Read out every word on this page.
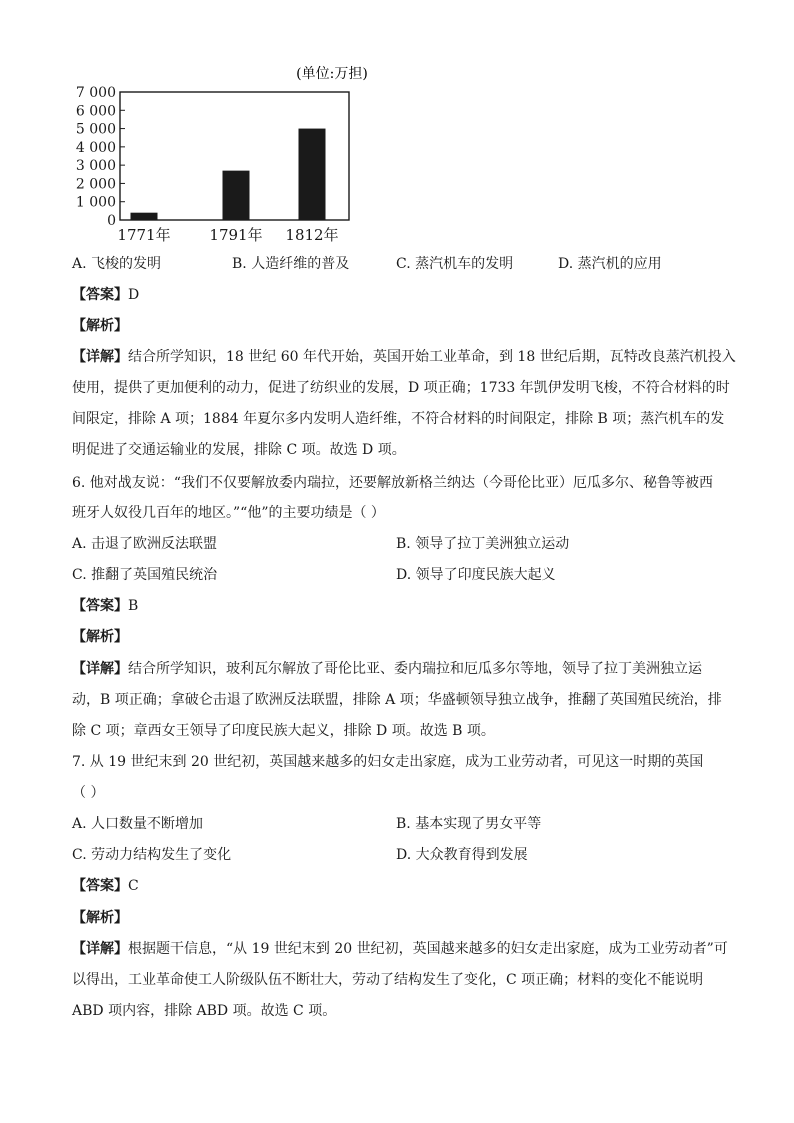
(单位:万担)
0
1 000
2 000
3 000
4 000
5 000
6 000
7 000
1771年	1791年 1812年
A. 飞梭的发明	B. 人造纤维的普及	C. 蒸汽机车的发明	D. 蒸汽机的应用
【答案】D
【解析】
【详解】结合所学知识，18 世纪 60 年代开始，英国开始工业革命，到 18 世纪后期，瓦特改良蒸汽机投入
使用，提供了更加便利的动力，促进了纺织业的发展，D 项正确；1733 年凯伊发明飞梭，不符合材料的时
间限定，排除 A 项；1884 年夏尔多内发明人造纤维，不符合材料的时间限定，排除 B 项；蒸汽机车的发
明促进了交通运输业的发展，排除 C 项。故选 D 项。
6. 他对战友说：“我们不仅要解放委内瑞拉，还要解放新格兰纳达（今哥伦比亚）厄瓜多尔、秘鲁等被西
班牙人奴役几百年的地区。”“他”的主要功绩是（ ）
A. 击退了欧洲反法联盟	B. 领导了拉丁美洲独立运动
C. 推翻了英国殖民统治	D. 领导了印度民族大起义
【答案】B
【解析】
【详解】结合所学知识，玻利瓦尔解放了哥伦比亚、委内瑞拉和厄瓜多尔等地，领导了拉丁美洲独立运
动，B 项正确；拿破仑击退了欧洲反法联盟，排除 A 项；华盛顿领导独立战争，推翻了英国殖民统治，排
除 C 项；章西女王领导了印度民族大起义，排除 D 项。故选 B 项。
7. 从 19 世纪末到 20 世纪初，英国越来越多的妇女走出家庭，成为工业劳动者，可见这一时期的英国
（ ）
A. 人口数量不断增加	B. 基本实现了男女平等
C. 劳动力结构发生了变化	D. 大众教育得到发展
【答案】C
【解析】
【详解】根据题干信息，“从 19 世纪末到 20 世纪初，英国越来越多的妇女走出家庭，成为工业劳动者”可
以得出，工业革命使工人阶级队伍不断壮大，劳动了结构发生了变化，C 项正确；材料的变化不能说明
ABD 项内容，排除 ABD 项。故选 C 项。
